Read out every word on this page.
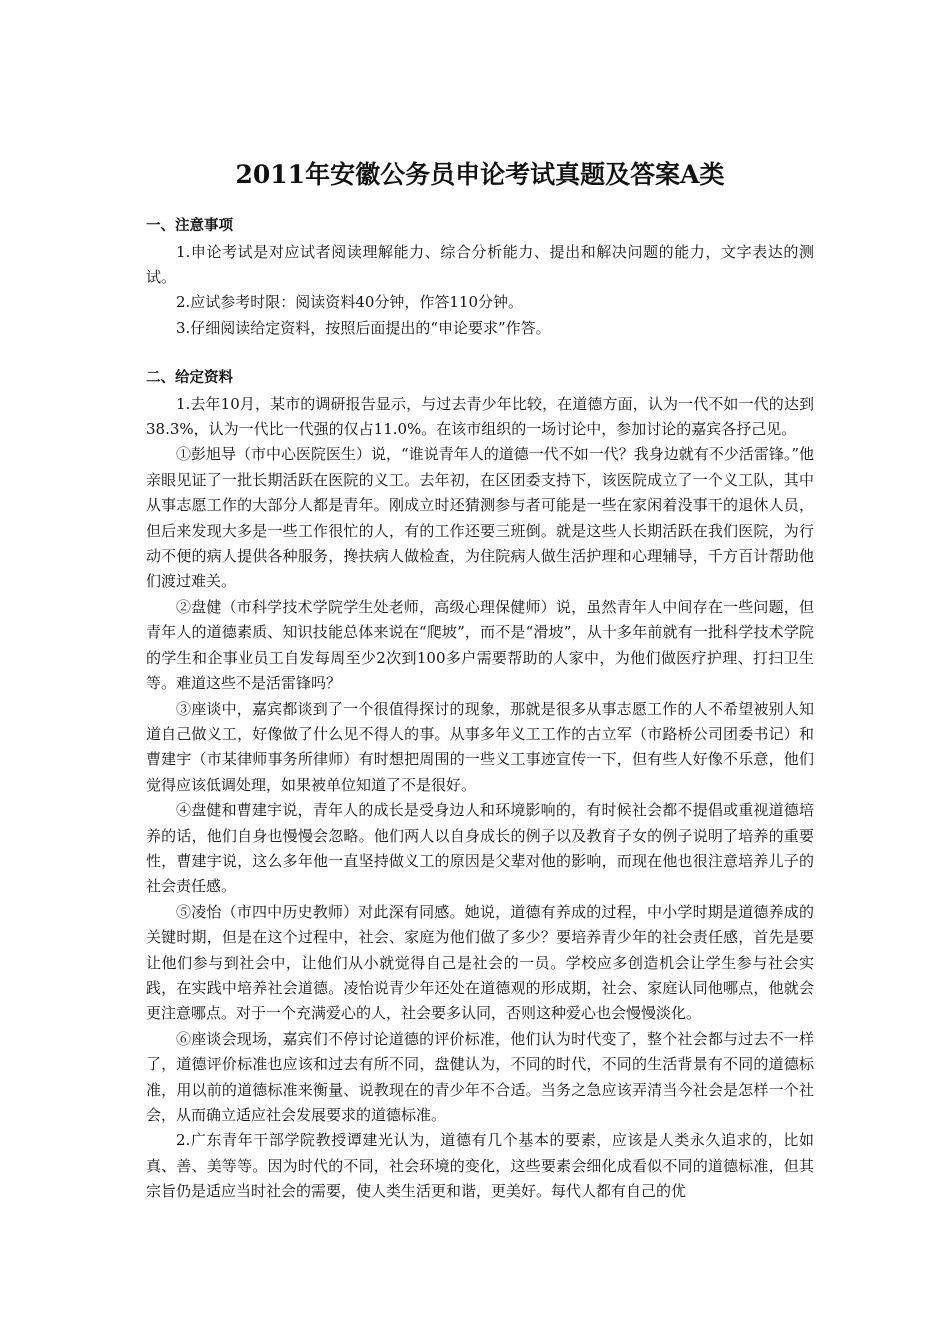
2011年安徽公务员申论考试真题及答案A类
一、注意事项

1.申论考试是对应试者阅读理解能力、综合分析能力、提出和解决问题的能力，文字表达的测试。

2.应试参考时限：阅读资料40分钟，作答110分钟。

3.仔细阅读给定资料，按照后面提出的“申论要求”作答。

二、给定资料

1.去年10月，某市的调研报告显示，与过去青少年比较，在道德方面，认为一代不如一代的达到38.3%，认为一代比一代强的仅占11.0%。在该市组织的一场讨论中，参加讨论的嘉宾各抒己见。

①彭旭导（市中心医院医生）说，“谁说青年人的道德一代不如一代？我身边就有不少活雷锋。”他亲眼见证了一批长期活跃在医院的义工。去年初，在区团委支持下，该医院成立了一个义工队，其中从事志愿工作的大部分人都是青年。刚成立时还猜测参与者可能是一些在家闲着没事干的退休人员，但后来发现大多是一些工作很忙的人，有的工作还要三班倒。就是这些人长期活跃在我们医院，为行动不便的病人提供各种服务，搀扶病人做检查，为住院病人做生活护理和心理辅导，千方百计帮助他们渡过难关。

②盘健（市科学技术学院学生处老师，高级心理保健师）说，虽然青年人中间存在一些问题，但青年人的道德素质、知识技能总体来说在“爬坡”，而不是“滑坡”，从十多年前就有一批科学技术学院的学生和企事业员工自发每周至少2次到100多户需要帮助的人家中，为他们做医疗护理、打扫卫生等。难道这些不是活雷锋吗？

③座谈中，嘉宾都谈到了一个很值得探讨的现象，那就是很多从事志愿工作的人不希望被别人知道自己做义工，好像做了什么见不得人的事。从事多年义工工作的古立军（市路桥公司团委书记）和曹建宇（市某律师事务所律师）有时想把周围的一些义工事迹宣传一下，但有些人好像不乐意，他们觉得应该低调处理，如果被单位知道了不是很好。

④盘健和曹建宇说，青年人的成长是受身边人和环境影响的，有时候社会都不提倡或重视道德培养的话，他们自身也慢慢会忽略。他们两人以自身成长的例子以及教育子女的例子说明了培养的重要性，曹建宇说，这么多年他一直坚持做义工的原因是父辈对他的影响，而现在他也很注意培养儿子的社会责任感。

⑤凌怡（市四中历史教师）对此深有同感。她说，道德有养成的过程，中小学时期是道德养成的关键时期，但是在这个过程中，社会、家庭为他们做了多少？要培养青少年的社会责任感，首先是要让他们参与到社会中，让他们从小就觉得自己是社会的一员。学校应多创造机会让学生参与社会实践，在实践中培养社会道德。凌怡说青少年还处在道德观的形成期，社会、家庭认同他哪点，他就会更注意哪点。对于一个充满爱心的人，社会要多认同，否则这种爱心也会慢慢淡化。

⑥座谈会现场，嘉宾们不停讨论道德的评价标准，他们认为时代变了，整个社会都与过去不一样了，道德评价标准也应该和过去有所不同，盘健认为，不同的时代，不同的生活背景有不同的道德标准，用以前的道德标准来衡量、说教现在的青少年不合适。当务之急应该弄清当今社会是怎样一个社会，从而确立适应社会发展要求的道德标准。

2.广东青年干部学院教授谭建光认为，道德有几个基本的要素，应该是人类永久追求的，比如真、善、美等等。因为时代的不同，社会环境的变化，这些要素会细化成看似不同的道德标准，但其宗旨仍是适应当时社会的需要，使人类生活更和谐，更美好。每代人都有自己的优
